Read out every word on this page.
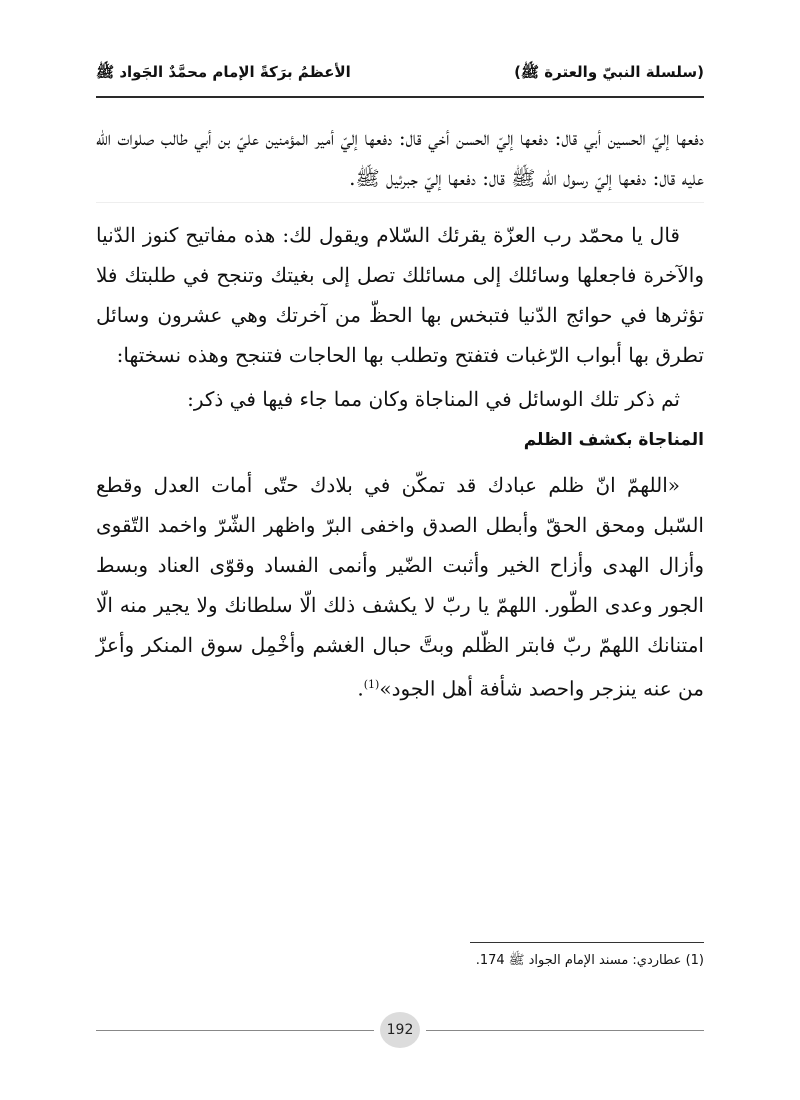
الأعظمُ برَكةً الإمام محمَّدٌ الجَواد ﷺ	(سلسلة النبيّ والعترة ﷺ)

دفعها إليّ الحسين أبي قال: دفعها إليّ الحسن أخي قال: دفعها إليّ أمير المؤمنين عليّ بن أبي طالب صلوات الله عليه قال: دفعها إليّ رسول الله ﷺ قال: دفعها إليّ جبرئيل ﷺ.

قال يا محمّد رب العزّة يقرئك السّلام ويقول لك: هذه مفاتيح كنوز الدّنيا والآخرة فاجعلها وسائلك إلى مسائلك تصل إلى بغيتك وتنجح في طلبتك فلا تؤثرها في حوائج الدّنيا فتبخس بها الحظّ من آخرتك وهي عشرون وسائل تطرق بها أبواب الرّغبات فتفتح وتطلب بها الحاجات فتنجح وهذه نسختها:

ثم ذكر تلك الوسائل في المناجاة وكان مما جاء فيها في ذكر:

المناجاة بكشف الظلم

«اللهمّ انّ ظلم عبادك قد تمكّن في بلادك حتّى أمات العدل وقطع السّبل ومحق الحقّ وأبطل الصدق واخفى البرّ واظهر الشّرّ واخمد التّقوى وأزال الهدى وأزاح الخير وأثبت الضّير وأنمى الفساد وقوّى العناد وبسط الجور وعدى الطّور. اللهمّ يا ربّ لا يكشف ذلك الّا سلطانك ولا يجير منه الّا امتنانك اللهمّ ربّ فابتر الظّلم وبتَّ حبال الغشم وأخْمِل سوق المنكر وأعزّ من عنه ينزجر واحصد شأفة أهل الجود»$^{(1)}$.

(1) عطاردي: مسند الإمام الجواد ﷺ 174.
192
